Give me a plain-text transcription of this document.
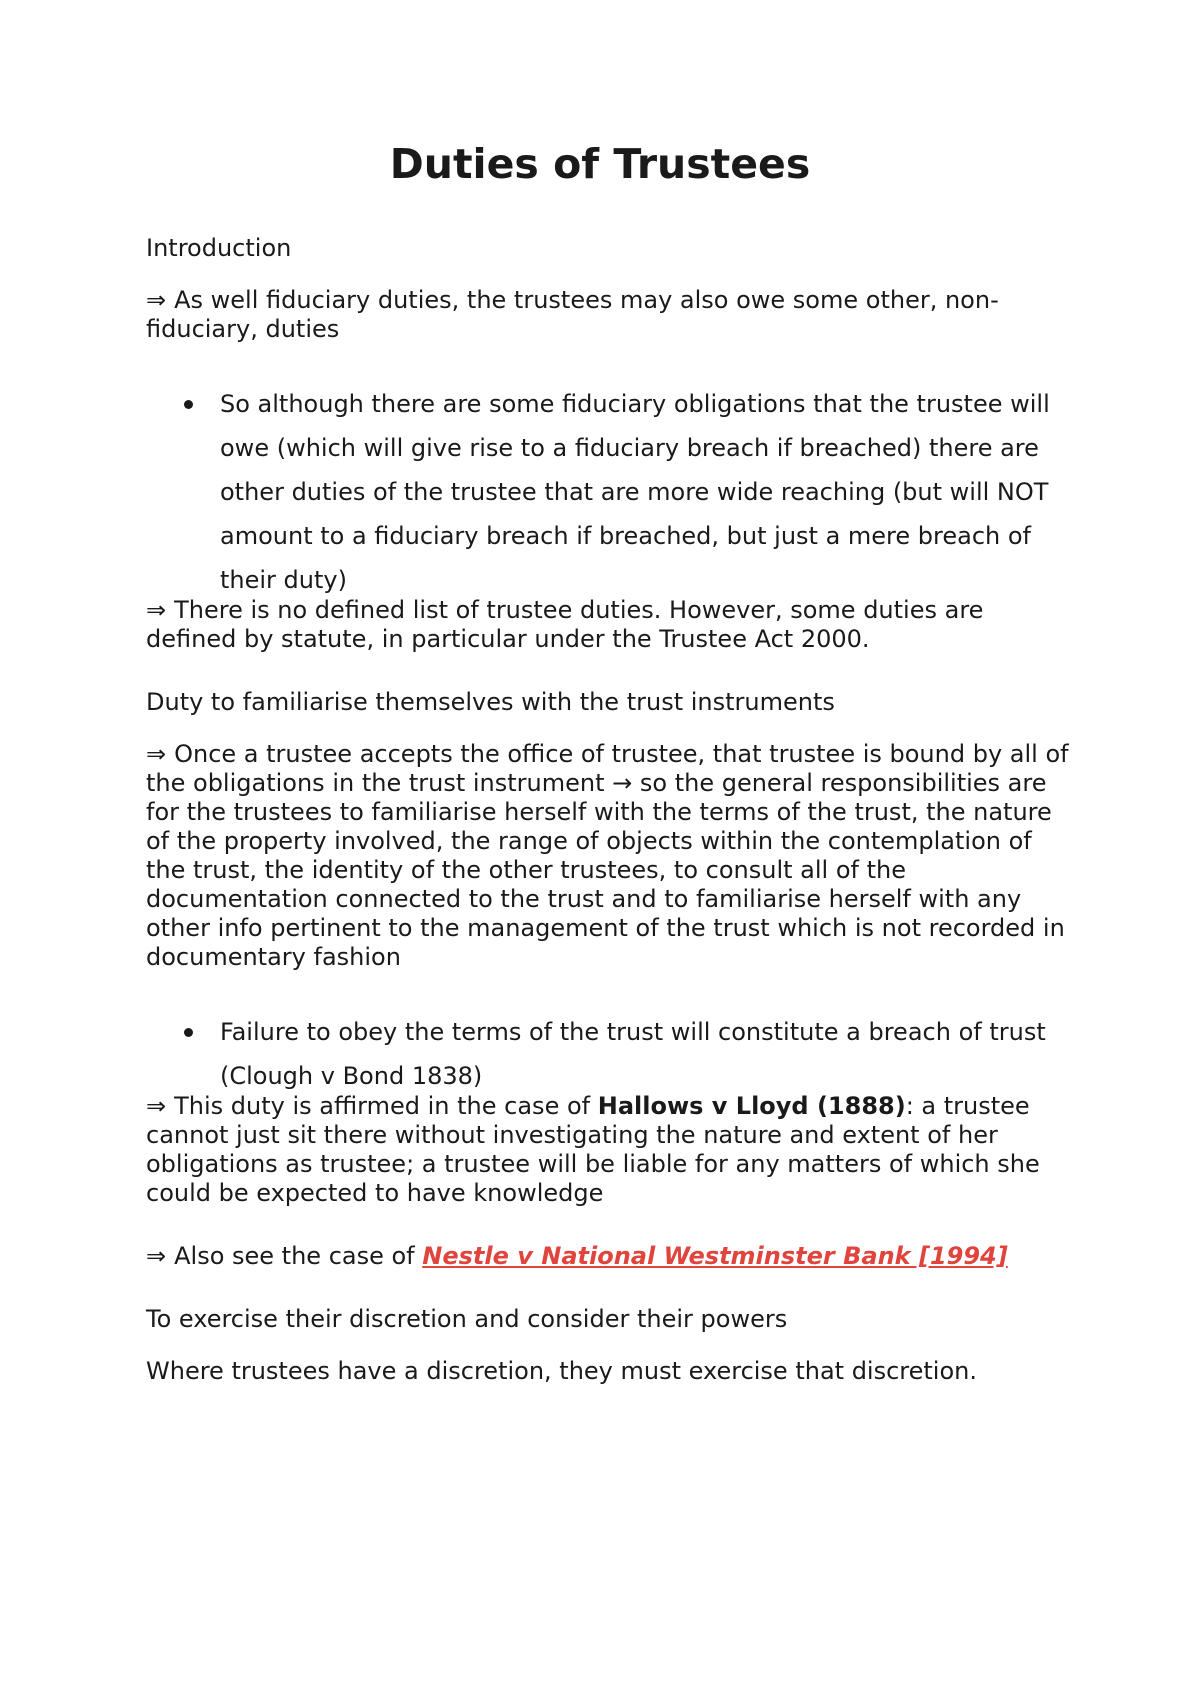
Duties of Trustees

Introduction

⇒ As well fiduciary duties, the trustees may also owe some other, non-fiduciary, duties

So although there are some fiduciary obligations that the trustee will owe (which will give rise to a fiduciary breach if breached) there are other duties of the trustee that are more wide reaching (but will NOT amount to a fiduciary breach if breached, but just a mere breach of their duty)

⇒ There is no defined list of trustee duties. However, some duties are defined by statute, in particular under the Trustee Act 2000.

Duty to familiarise themselves with the trust instruments

⇒ Once a trustee accepts the office of trustee, that trustee is bound by all of the obligations in the trust instrument → so the general responsibilities are for the trustees to familiarise herself with the terms of the trust, the nature of the property involved, the range of objects within the contemplation of the trust, the identity of the other trustees, to consult all of the documentation connected to the trust and to familiarise herself with any other info pertinent to the management of the trust which is not recorded in documentary fashion

Failure to obey the terms of the trust will constitute a breach of trust (Clough v Bond 1838)

⇒ This duty is affirmed in the case of Hallows v Lloyd (1888): a trustee cannot just sit there without investigating the nature and extent of her obligations as trustee; a trustee will be liable for any matters of which she could be expected to have knowledge

⇒ Also see the case of Nestle v National Westminster Bank [1994]

To exercise their discretion and consider their powers

Where trustees have a discretion, they must exercise that discretion.
